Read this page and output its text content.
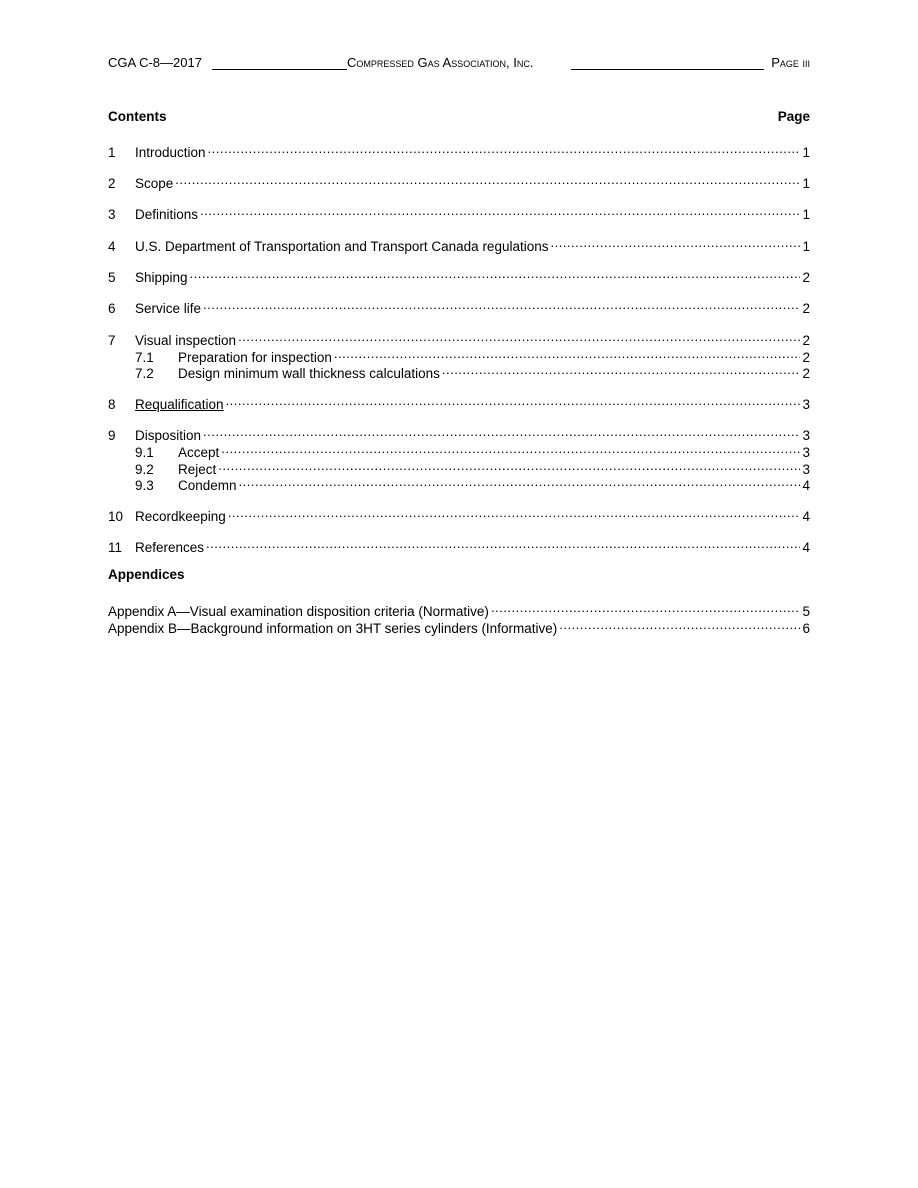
CGA C-8—2017	Compressed Gas Association, Inc.	Page iii
Contents	Page
1	Introduction .....	1
2	Scope .....	1
3	Definitions .....	1
4	U.S. Department of Transportation and Transport Canada regulations .....	1
5	Shipping .....	2
6	Service life .....	2
7	Visual inspection .....	2
7.1	Preparation for inspection .....	2
7.2	Design minimum wall thickness calculations .....	2
8	Requalification .....	3
9	Disposition .....	3
9.1	Accept .....	3
9.2	Reject .....	3
9.3	Condemn .....	4
10 Recordkeeping .....	4
11 References .....	4
Appendices
Appendix A—Visual examination disposition criteria (Normative) .....	5
Appendix B—Background information on 3HT series cylinders (Informative) .....	6
